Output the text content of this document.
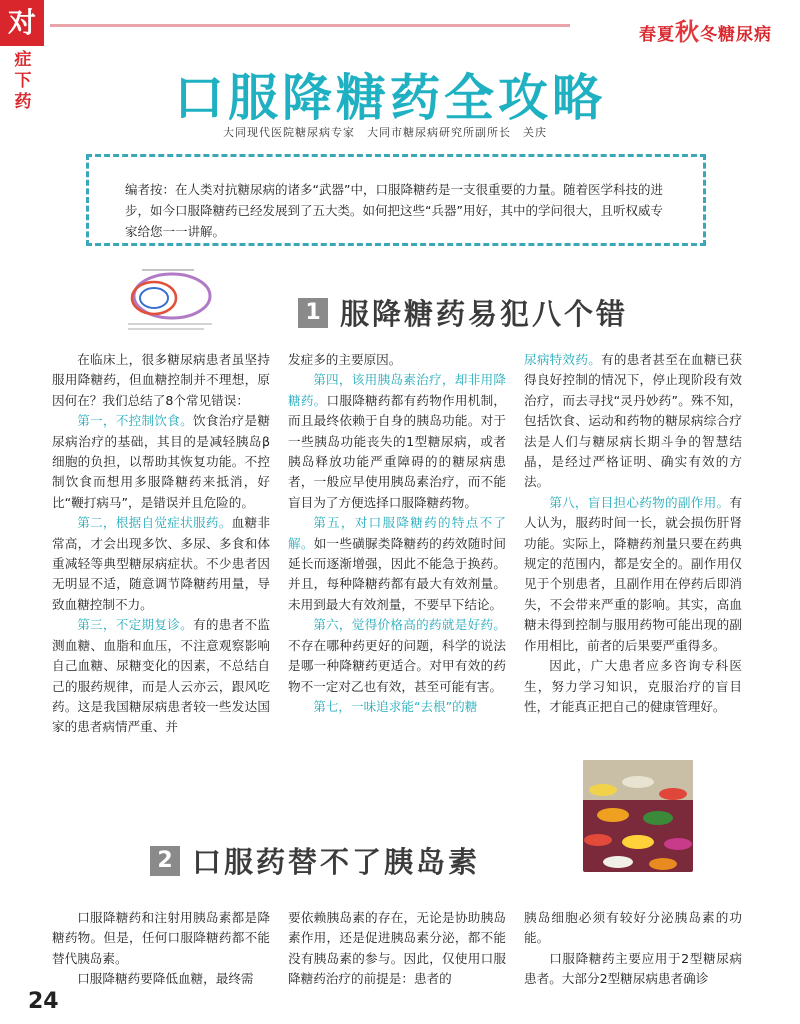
对
症下药
春夏秋冬糖尿病
口服降糖药全攻略
大同现代医院糖尿病专家　大同市糖尿病研究所副所长　关庆
编者按：在人类对抗糖尿病的诸多“武器”中，口服降糖药是一支很重要的力量。随着医学科技的进步，如今口服降糖药已经发展到了五大类。如何把这些“兵器”用好，其中的学问很大，且听权威专家给您一一讲解。
1 服降糖药易犯八个错

在临床上，很多糖尿病患者虽坚持服用降糖药，但血糖控制并不理想，原因何在？我们总结了8个常见错误：

第一，不控制饮食。饮食治疗是糖尿病治疗的基础，其目的是减轻胰岛β细胞的负担，以帮助其恢复功能。不控制饮食而想用多服降糖药来抵消，好比“鞭打病马”，是错误并且危险的。

第二，根据自觉症状服药。血糖非常高，才会出现多饮、多尿、多食和体重减轻等典型糖尿病症状。不少患者因无明显不适，随意调节降糖药用量，导致血糖控制不力。

第三，不定期复诊。有的患者不监测血糖、血脂和血压，不注意观察影响自己血糖、尿糖变化的因素，不总结自己的服药规律，而是人云亦云，跟风吃药。这是我国糖尿病患者较一些发达国家的患者病情严重、并

发症多的主要原因。

第四，该用胰岛素治疗，却非用降糖药。口服降糖药都有药物作用机制，而且最终依赖于自身的胰岛功能。对于一些胰岛功能丧失的1型糖尿病，或者胰岛释放功能严重障碍的的糖尿病患者，一般应早使用胰岛素治疗，而不能盲目为了方便选择口服降糖药物。

第五，对口服降糖药的特点不了解。如一些磺脲类降糖药的药效随时间延长而逐渐增强，因此不能急于换药。并且，每种降糖药都有最大有效剂量。未用到最大有效剂量，不要早下结论。

第六，觉得价格高的药就是好药。不存在哪种药更好的问题，科学的说法是哪一种降糖药更适合。对甲有效的药物不一定对乙也有效，甚至可能有害。

第七，一味追求能“去根”的糖

尿病特效药。有的患者甚至在血糖已获得良好控制的情况下，停止现阶段有效治疗，而去寻找“灵丹妙药”。殊不知，包括饮食、运动和药物的糖尿病综合疗法是人们与糖尿病长期斗争的智慧结晶，是经过严格证明、确实有效的方法。

第八，盲目担心药物的副作用。有人认为，服药时间一长，就会损伤肝肾功能。实际上，降糖药剂量只要在药典规定的范围内，都是安全的。副作用仅见于个别患者，且副作用在停药后即消失，不会带来严重的影响。其实，高血糖未得到控制与服用药物可能出现的副作用相比，前者的后果要严重得多。

因此，广大患者应多咨询专科医生，努力学习知识，克服治疗的盲目性，才能真正把自己的健康管理好。

2 口服药替不了胰岛素

口服降糖药和注射用胰岛素都是降糖药物。但是，任何口服降糖药都不能替代胰岛素。

口服降糖药要降低血糖，最终需

要依赖胰岛素的存在，无论是协助胰岛素作用，还是促进胰岛素分泌，都不能没有胰岛素的参与。因此，仅使用口服降糖药治疗的前提是：患者的

胰岛细胞必须有较好分泌胰岛素的功能。

口服降糖药主要应用于2型糖尿病患者。大部分2型糖尿病患者确诊

24
